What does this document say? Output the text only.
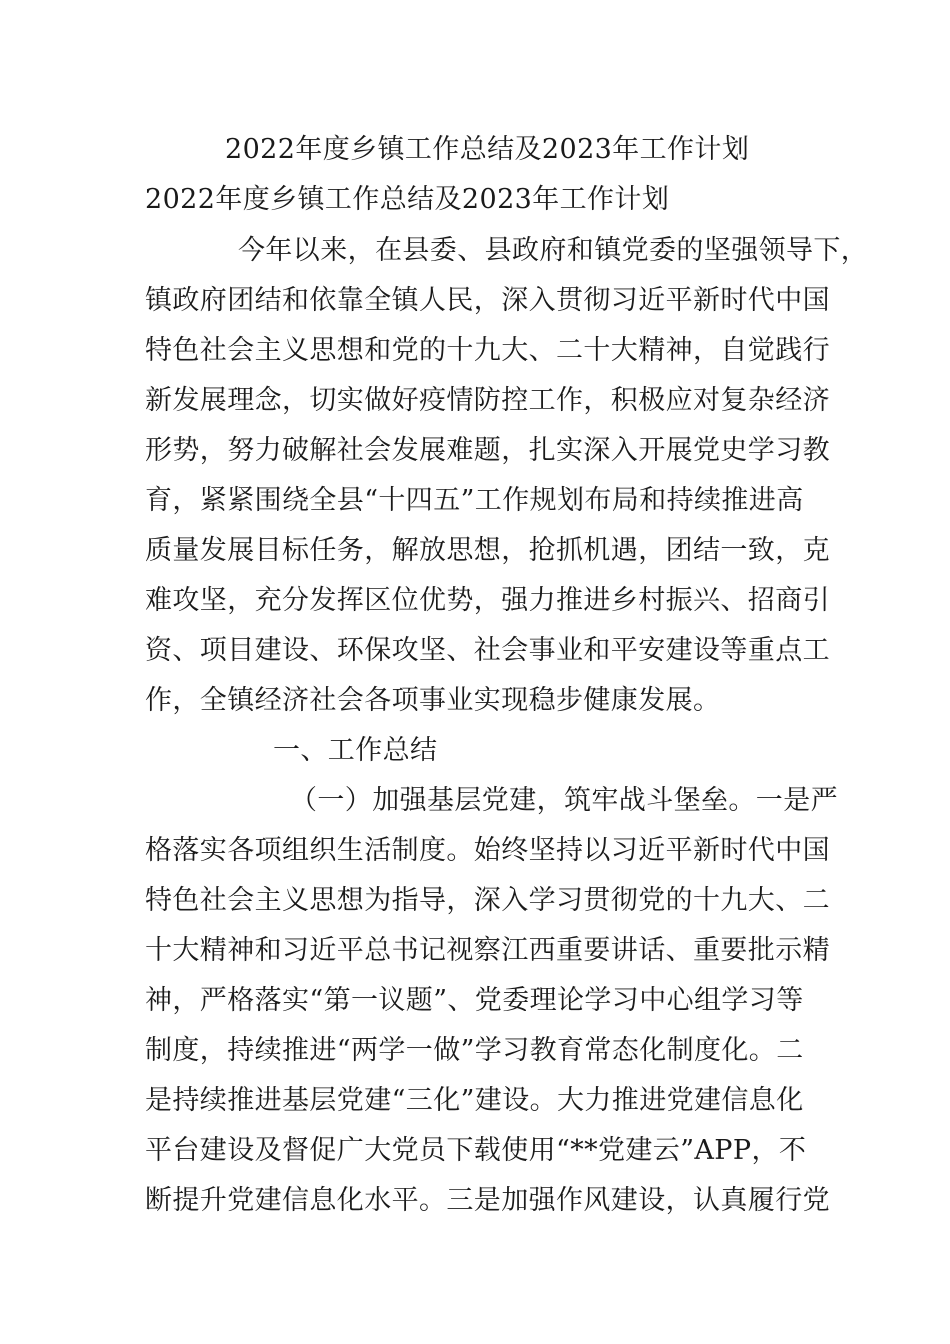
2022年度乡镇工作总结及2023年工作计划
2022年度乡镇工作总结及2023年工作计划
今年以来，在县委、县政府和镇党委的坚强领导下，
镇政府团结和依靠全镇人民，深入贯彻习近平新时代中国
特色社会主义思想和党的十九大、二十大精神，自觉践行
新发展理念，切实做好疫情防控工作，积极应对复杂经济
形势，努力破解社会发展难题，扎实深入开展党史学习教
育，紧紧围绕全县“十四五”工作规划布局和持续推进高
质量发展目标任务，解放思想，抢抓机遇，团结一致，克
难攻坚，充分发挥区位优势，强力推进乡村振兴、招商引
资、项目建设、环保攻坚、社会事业和平安建设等重点工
作，全镇经济社会各项事业实现稳步健康发展。
一、工作总结
（一）加强基层党建，筑牢战斗堡垒。一是严
格落实各项组织生活制度。始终坚持以习近平新时代中国
特色社会主义思想为指导，深入学习贯彻党的十九大、二
十大精神和习近平总书记视察江西重要讲话、重要批示精
神，严格落实“第一议题”、党委理论学习中心组学习等
制度，持续推进“两学一做”学习教育常态化制度化。二
是持续推进基层党建“三化”建设。大力推进党建信息化
平台建设及督促广大党员下载使用“**党建云”APP，不
断提升党建信息化水平。三是加强作风建设，认真履行党
